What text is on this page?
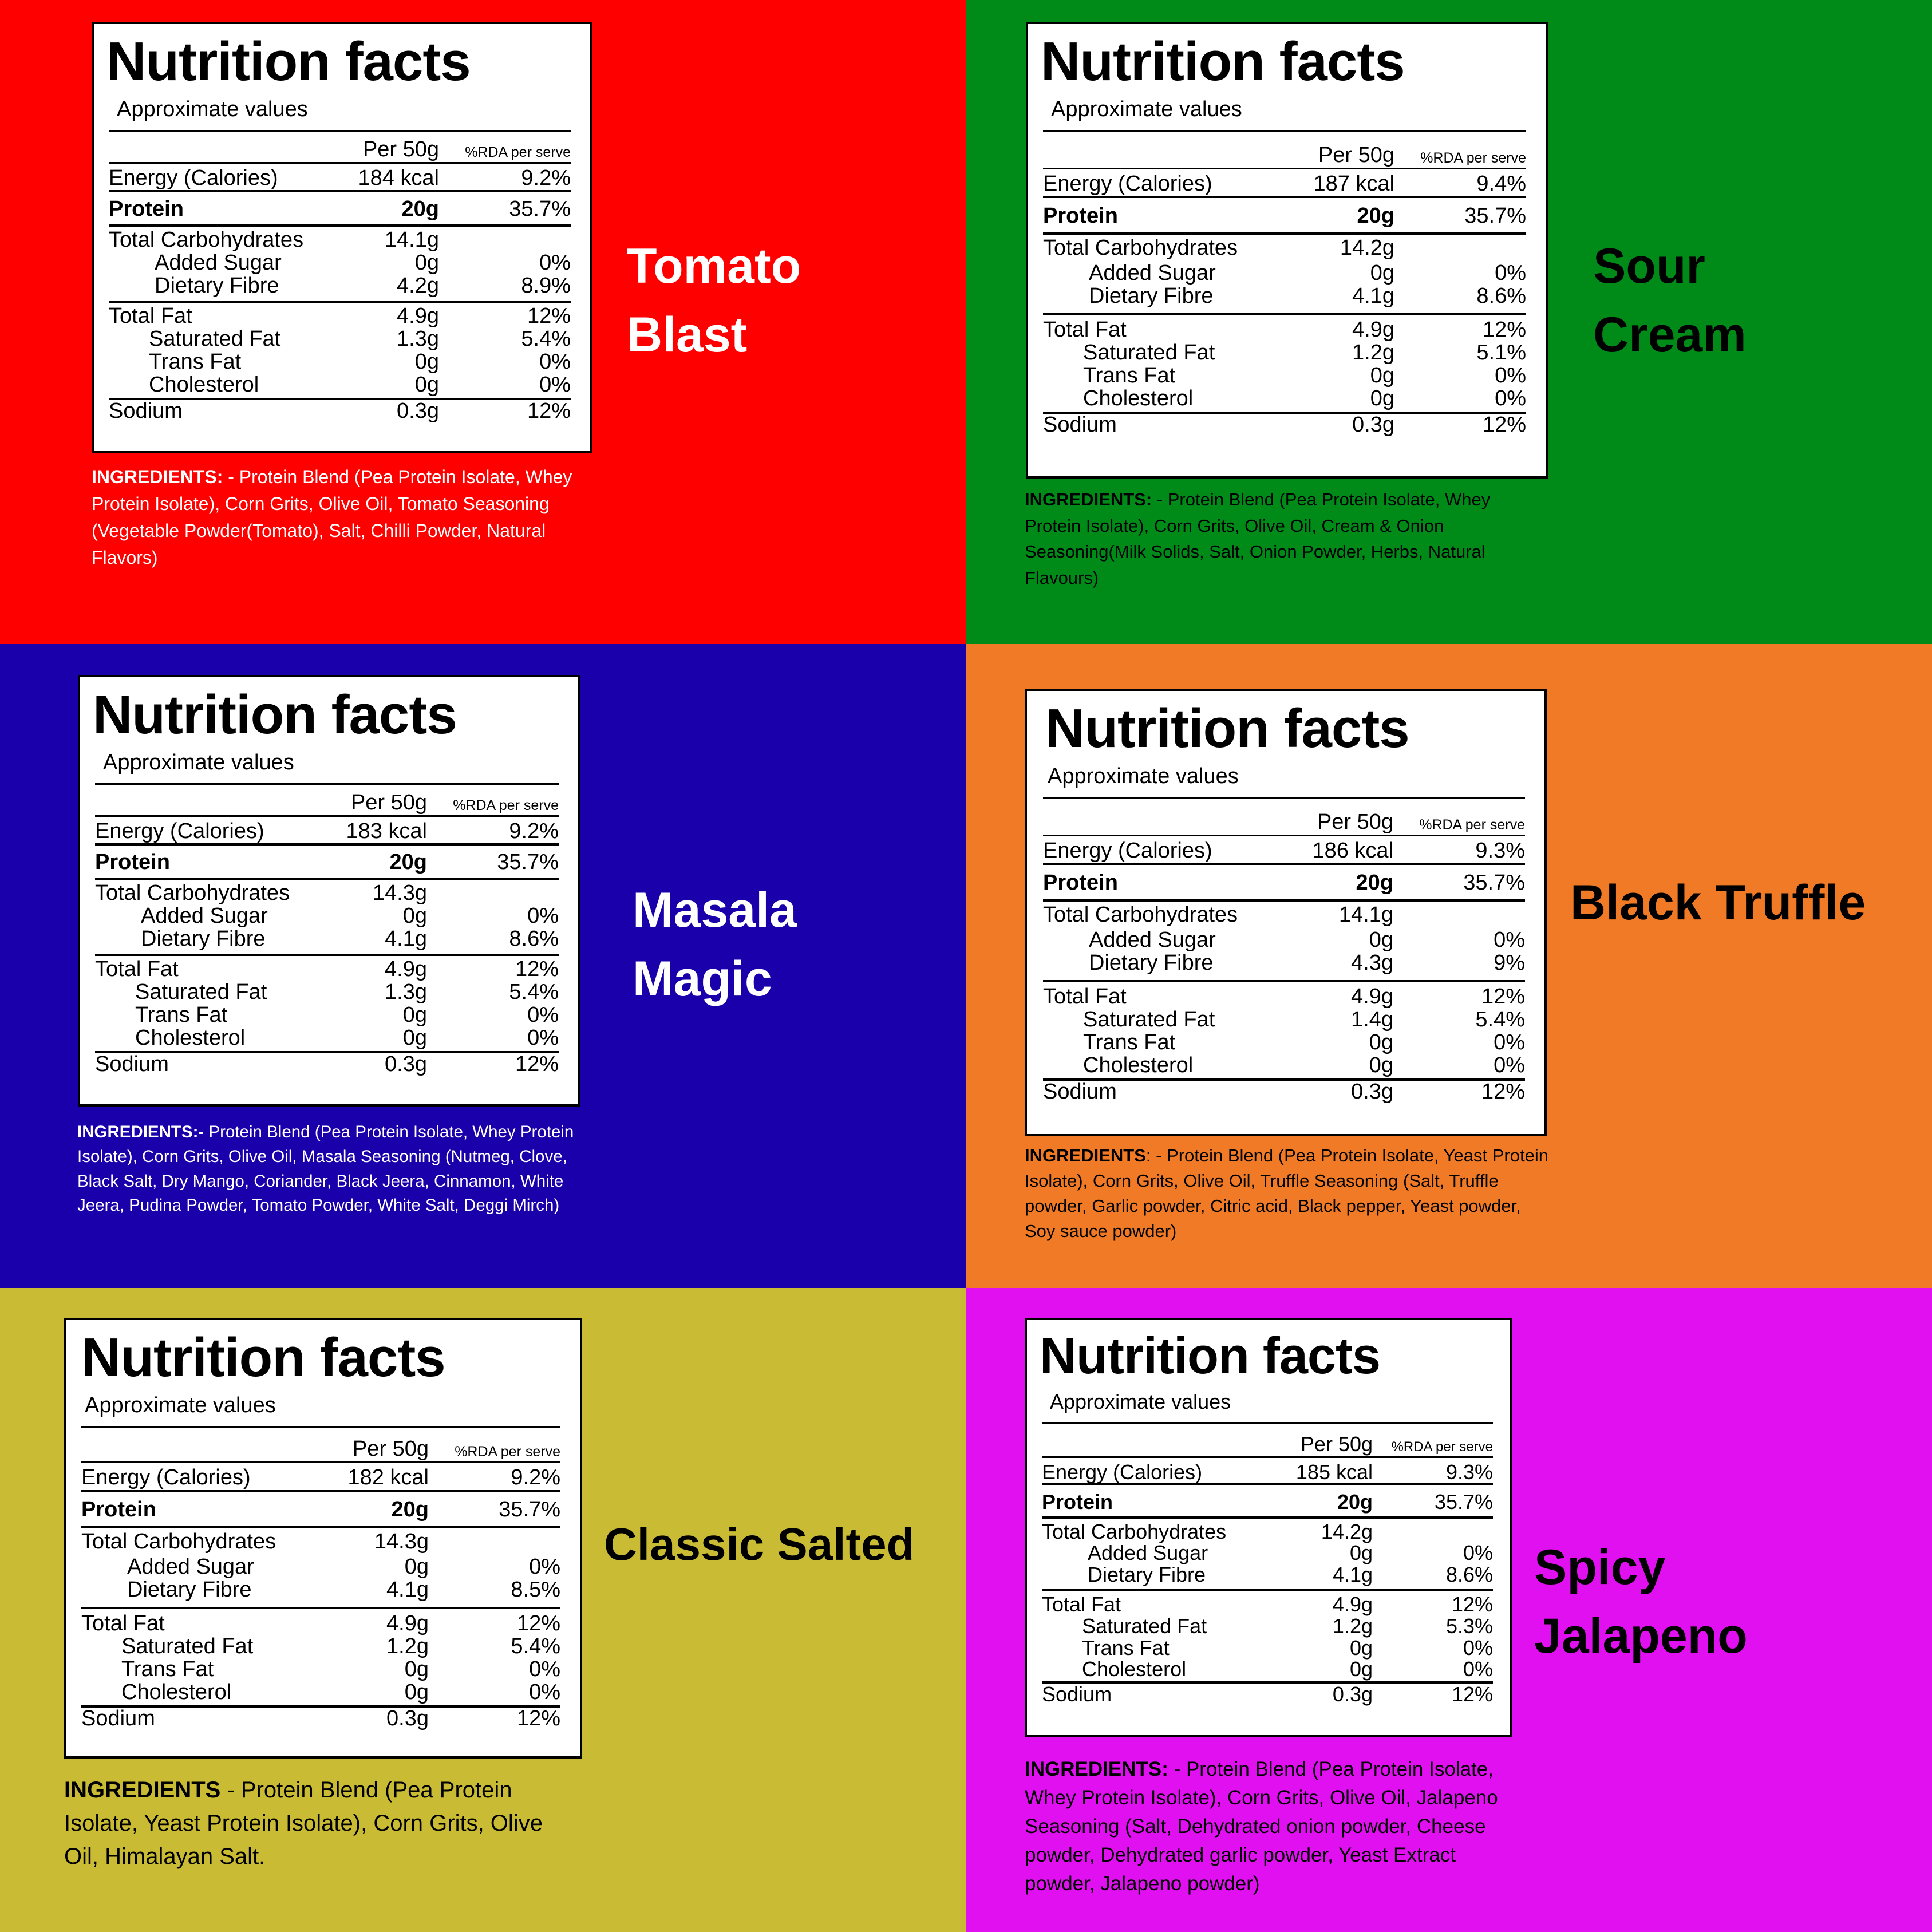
Nutrition facts
Approximate values
Per 50g	%RDA per serve
Energy (Calories)	184 kcal	9.2%
Protein	20g	35.7%
Total Carbohydrates	14.1g
Added Sugar	0g	0%
Dietary Fibre	4.2g	8.9%
Total Fat	4.9g	12%
Saturated Fat	1.3g	5.4%
Trans Fat	0g	0%
Cholesterol	0g	0%
Sodium	0.3g	12%
INGREDIENTS: - Protein Blend (Pea Protein Isolate, Whey Protein Isolate), Corn Grits, Olive Oil, Tomato Seasoning (Vegetable Powder(Tomato), Salt, Chilli Powder, Natural Flavors)
Tomato
Blast
Nutrition facts
Approximate values
Per 50g	%RDA per serve
Energy (Calories)	187 kcal	9.4%
Protein	20g	35.7%
Total Carbohydrates	14.2g
Added Sugar	0g	0%
Dietary Fibre	4.1g	8.6%
Total Fat	4.9g	12%
Saturated Fat	1.2g	5.1%
Trans Fat	0g	0%
Cholesterol	0g	0%
Sodium	0.3g	12%
INGREDIENTS: - Protein Blend (Pea Protein Isolate, Whey Protein Isolate), Corn Grits, Olive Oil, Cream & Onion Seasoning(Milk Solids, Salt, Onion Powder, Herbs, Natural Flavours)
Sour
Cream
Nutrition facts
Approximate values
Per 50g	%RDA per serve
Energy (Calories)	183 kcal	9.2%
Protein	20g	35.7%
Total Carbohydrates	14.3g
Added Sugar	0g	0%
Dietary Fibre	4.1g	8.6%
Total Fat	4.9g	12%
Saturated Fat	1.3g	5.4%
Trans Fat	0g	0%
Cholesterol	0g	0%
Sodium	0.3g	12%
INGREDIENTS:- Protein Blend (Pea Protein Isolate, Whey Protein Isolate), Corn Grits, Olive Oil, Masala Seasoning (Nutmeg, Clove, Black Salt, Dry Mango, Coriander, Black Jeera, Cinnamon, White Jeera, Pudina Powder, Tomato Powder, White Salt, Deggi Mirch)
Masala
Magic
Nutrition facts
Approximate values
Per 50g	%RDA per serve
Energy (Calories)	186 kcal	9.3%
Protein	20g	35.7%
Total Carbohydrates	14.1g
Added Sugar	0g	0%
Dietary Fibre	4.3g	9%
Total Fat	4.9g	12%
Saturated Fat	1.4g	5.4%
Trans Fat	0g	0%
Cholesterol	0g	0%
Sodium	0.3g	12%
INGREDIENTS: - Protein Blend (Pea Protein Isolate, Yeast Protein Isolate), Corn Grits, Olive Oil, Truffle Seasoning (Salt, Truffle powder, Garlic powder, Citric acid, Black pepper, Yeast powder, Soy sauce powder)
Black Truffle
Nutrition facts
Approximate values
Per 50g	%RDA per serve
Energy (Calories)	182 kcal	9.2%
Protein	20g	35.7%
Total Carbohydrates	14.3g
Added Sugar	0g	0%
Dietary Fibre	4.1g	8.5%
Total Fat	4.9g	12%
Saturated Fat	1.2g	5.4%
Trans Fat	0g	0%
Cholesterol	0g	0%
Sodium	0.3g	12%
INGREDIENTS - Protein Blend (Pea Protein Isolate, Yeast Protein Isolate), Corn Grits, Olive Oil, Himalayan Salt.
Classic Salted
Nutrition facts
Approximate values
Per 50g	%RDA per serve
Energy (Calories)	185 kcal	9.3%
Protein	20g	35.7%
Total Carbohydrates	14.2g
Added Sugar	0g	0%
Dietary Fibre	4.1g	8.6%
Total Fat	4.9g	12%
Saturated Fat	1.2g	5.3%
Trans Fat	0g	0%
Cholesterol	0g	0%
Sodium	0.3g	12%
INGREDIENTS: - Protein Blend (Pea Protein Isolate, Whey Protein Isolate), Corn Grits, Olive Oil, Jalapeno Seasoning (Salt, Dehydrated onion powder, Cheese powder, Dehydrated garlic powder, Yeast Extract powder, Jalapeno powder)
Spicy
Jalapeno
